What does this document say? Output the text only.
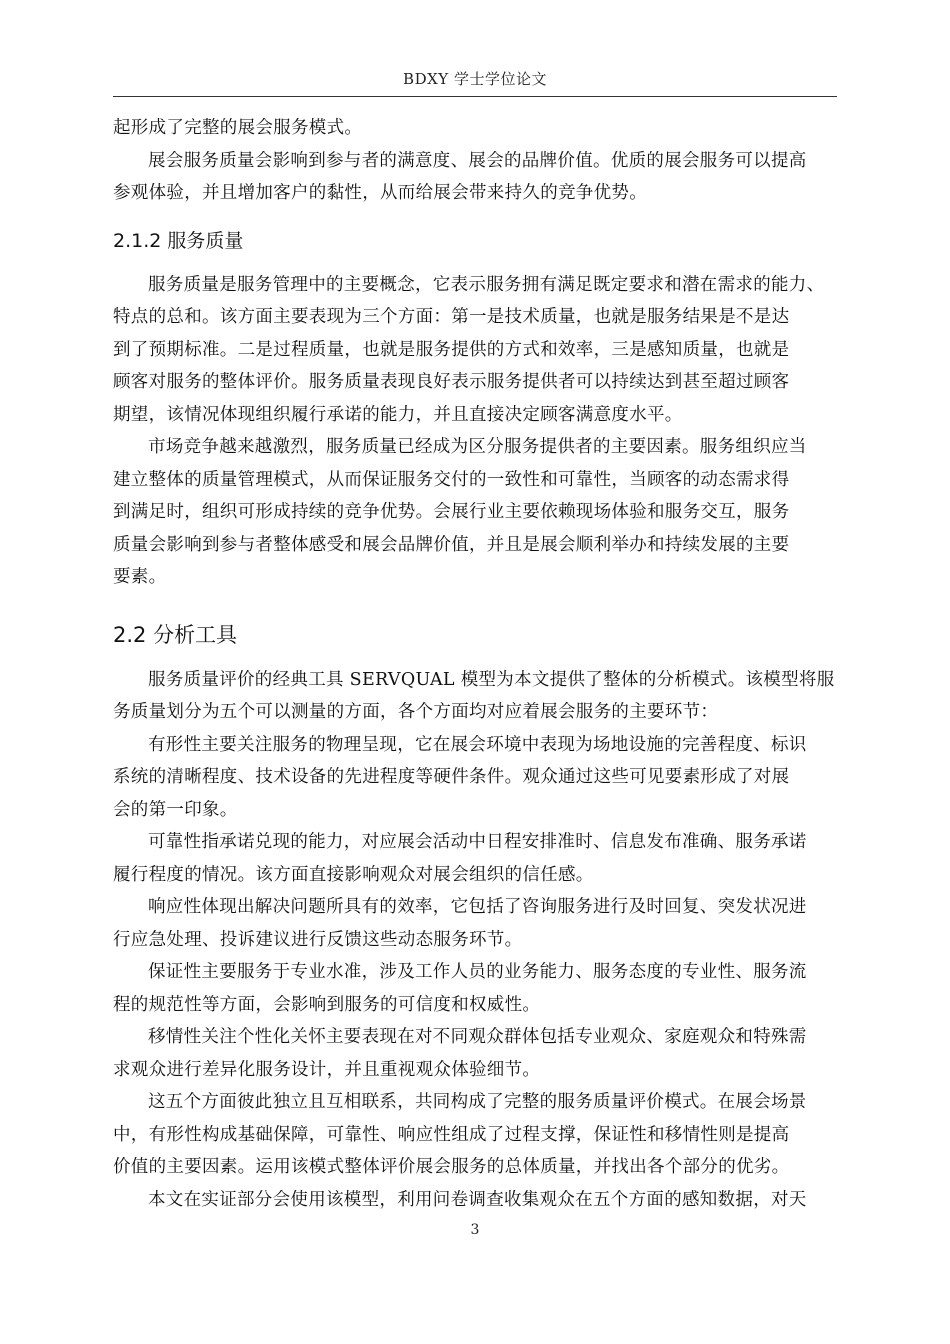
BDXY 学士学位论文

起形成了完整的展会服务模式。

展会服务质量会影响到参与者的满意度、展会的品牌价值。优质的展会服务可以提高

参观体验，并且增加客户的黏性，从而给展会带来持久的竞争优势。

2.1.2 服务质量

服务质量是服务管理中的主要概念，它表示服务拥有满足既定要求和潜在需求的能力、

特点的总和。该方面主要表现为三个方面：第一是技术质量，也就是服务结果是不是达

到了预期标准。二是过程质量，也就是服务提供的方式和效率，三是感知质量，也就是

顾客对服务的整体评价。服务质量表现良好表示服务提供者可以持续达到甚至超过顾客

期望，该情况体现组织履行承诺的能力，并且直接决定顾客满意度水平。

市场竞争越来越激烈，服务质量已经成为区分服务提供者的主要因素。服务组织应当

建立整体的质量管理模式，从而保证服务交付的一致性和可靠性，当顾客的动态需求得

到满足时，组织可形成持续的竞争优势。会展行业主要依赖现场体验和服务交互，服务

质量会影响到参与者整体感受和展会品牌价值，并且是展会顺利举办和持续发展的主要

要素。

2.2 分析工具

服务质量评价的经典工具 SERVQUAL 模型为本文提供了整体的分析模式。该模型将服

务质量划分为五个可以测量的方面，各个方面均对应着展会服务的主要环节：

有形性主要关注服务的物理呈现，它在展会环境中表现为场地设施的完善程度、标识

系统的清晰程度、技术设备的先进程度等硬件条件。观众通过这些可见要素形成了对展

会的第一印象。

可靠性指承诺兑现的能力，对应展会活动中日程安排准时、信息发布准确、服务承诺

履行程度的情况。该方面直接影响观众对展会组织的信任感。

响应性体现出解决问题所具有的效率，它包括了咨询服务进行及时回复、突发状况进

行应急处理、投诉建议进行反馈这些动态服务环节。

保证性主要服务于专业水准，涉及工作人员的业务能力、服务态度的专业性、服务流

程的规范性等方面，会影响到服务的可信度和权威性。

移情性关注个性化关怀主要表现在对不同观众群体包括专业观众、家庭观众和特殊需

求观众进行差异化服务设计，并且重视观众体验细节。

这五个方面彼此独立且互相联系，共同构成了完整的服务质量评价模式。在展会场景

中，有形性构成基础保障，可靠性、响应性组成了过程支撑，保证性和移情性则是提高

价值的主要因素。运用该模式整体评价展会服务的总体质量，并找出各个部分的优劣。

本文在实证部分会使用该模型，利用问卷调查收集观众在五个方面的感知数据，对天

3
